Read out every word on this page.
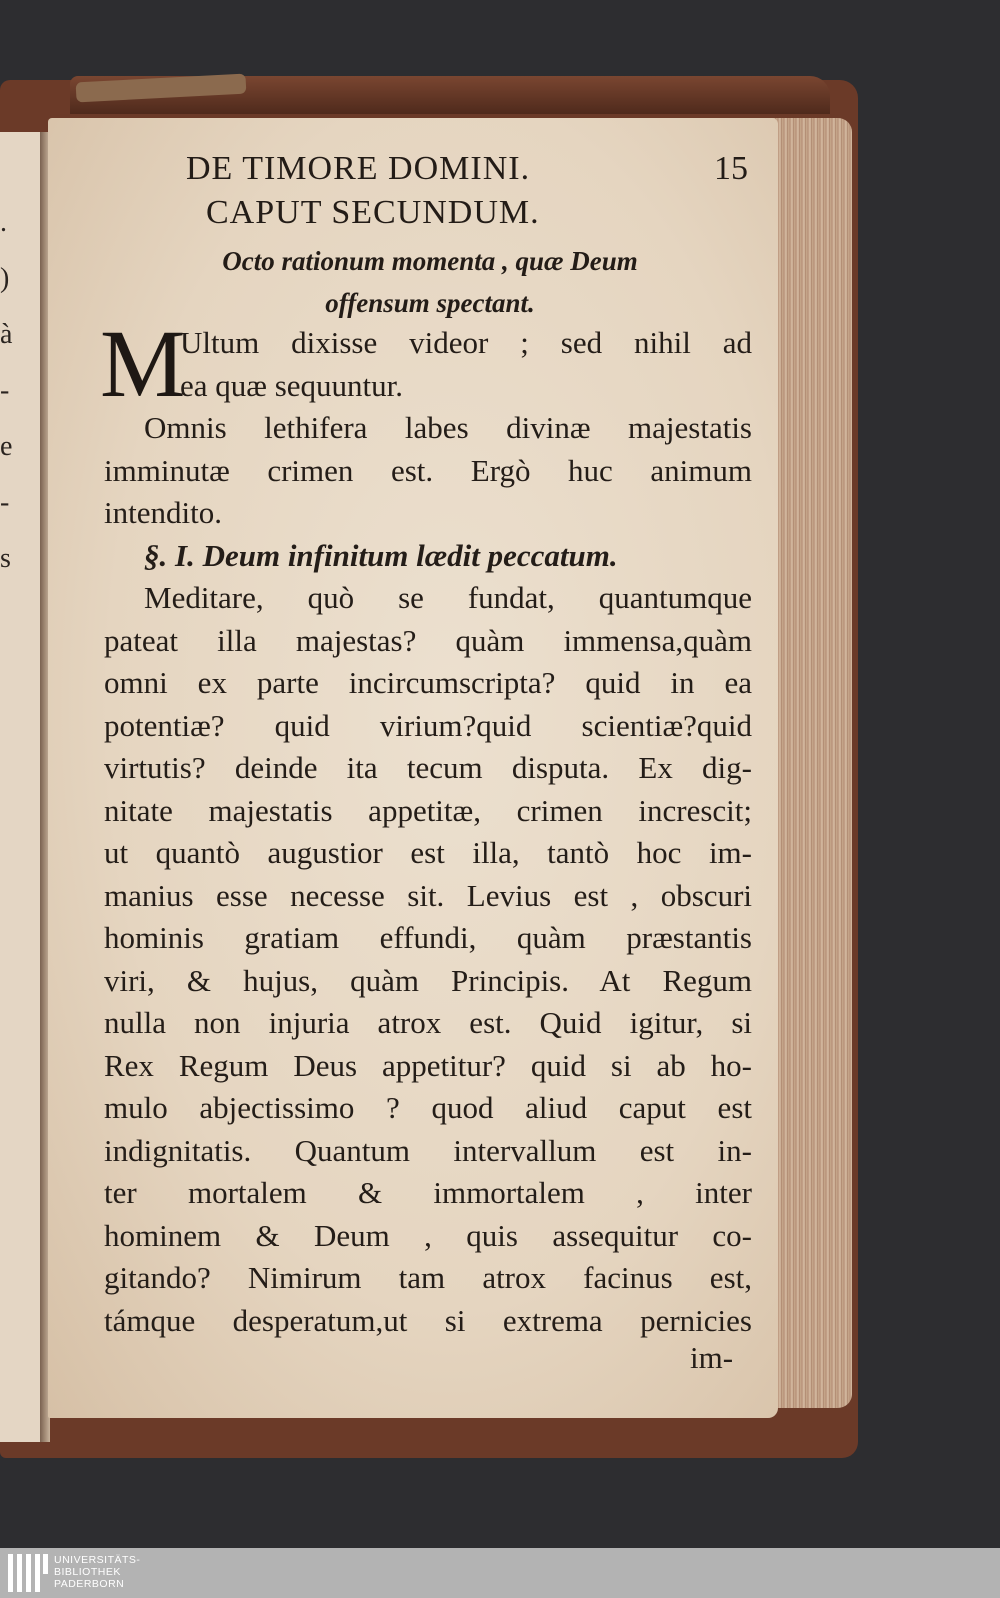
.
)
à
-
e
-
s
DE TIMORE DOMINI.	15
CAPUT SECUNDUM.
Octo rationum momenta , quæ Deum
offensum spectant.
M
Ultum dixisse videor ; sed nihil ad
ea quæ sequuntur.
Omnis lethifera labes divinæ majestatis
imminutæ crimen est. Ergò huc animum
intendito.
§. I. Deum infinitum lædit peccatum.
Meditare, quò se fundat, quantumque
pateat illa majestas? quàm immensa,quàm
omni ex parte incircumscripta? quid in ea
potentiæ? quid virium?quid scientiæ?quid
virtutis? deinde ita tecum disputa. Ex dig-
nitate majestatis appetitæ, crimen increscit;
ut quantò augustior est illa, tantò hoc im-
manius esse necesse sit. Levius est , obscuri
hominis gratiam effundi, quàm præstantis
viri, & hujus, quàm Principis. At Regum
nulla non injuria atrox est. Quid igitur, si
Rex Regum Deus appetitur? quid si ab ho-
mulo abjectissimo ? quod aliud caput est
indignitatis. Quantum intervallum est in-
ter mortalem & immortalem , inter
hominem & Deum , quis assequitur co-
gitando? Nimirum tam atrox facinus est,
támque desperatum,ut si extrema pernicies
im-
UNIVERSITÄTS-
BIBLIOTHEK
PADERBORN
